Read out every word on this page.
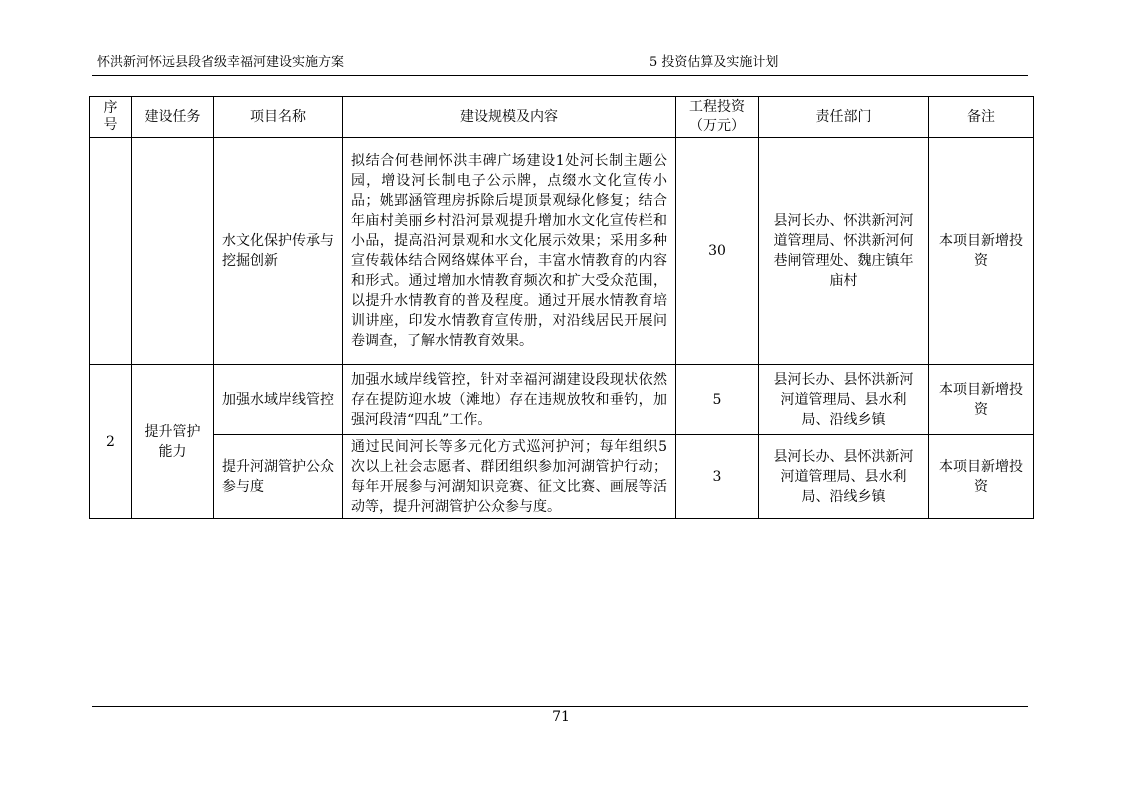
怀洪新河怀远县段省级幸福河建设实施方案	5 投资估算及实施计划
序号	建设任务	项目名称	建设规模及内容	工程投资（万元）	责任部门	备注

		水文化保护传承与挖掘创新	拟结合何巷闸怀洪丰碑广场建设1处河长制主题公园，增设河长制电子公示牌，点缀水文化宣传小品；姚郢涵管理房拆除后堤顶景观绿化修复；结合年庙村美丽乡村沿河景观提升增加水文化宣传栏和小品，提高沿河景观和水文化展示效果；采用多种宣传载体结合网络媒体平台，丰富水情教育的内容和形式。通过增加水情教育频次和扩大受众范围，以提升水情教育的普及程度。通过开展水情教育培训讲座，印发水情教育宣传册，对沿线居民开展问卷调查，了解水情教育效果。	30	县河长办、怀洪新河河道管理局、怀洪新河何巷闸管理处、魏庄镇年庙村	本项目新增投资
2	提升管护能力	加强水域岸线管控	加强水域岸线管控，针对幸福河湖建设段现状依然存在提防迎水坡（滩地）存在违规放牧和垂钓，加强河段清“四乱”工作。	5	县河长办、县怀洪新河河道管理局、县水利局、沿线乡镇	本项目新增投资

		提升河湖管护公众参与度	通过民间河长等多元化方式巡河护河；每年组织5次以上社会志愿者、群团组织参加河湖管护行动；每年开展参与河湖知识竞赛、征文比赛、画展等活动等，提升河湖管护公众参与度。	3	县河长办、县怀洪新河河道管理局、县水利局、沿线乡镇	本项目新增投资
71
